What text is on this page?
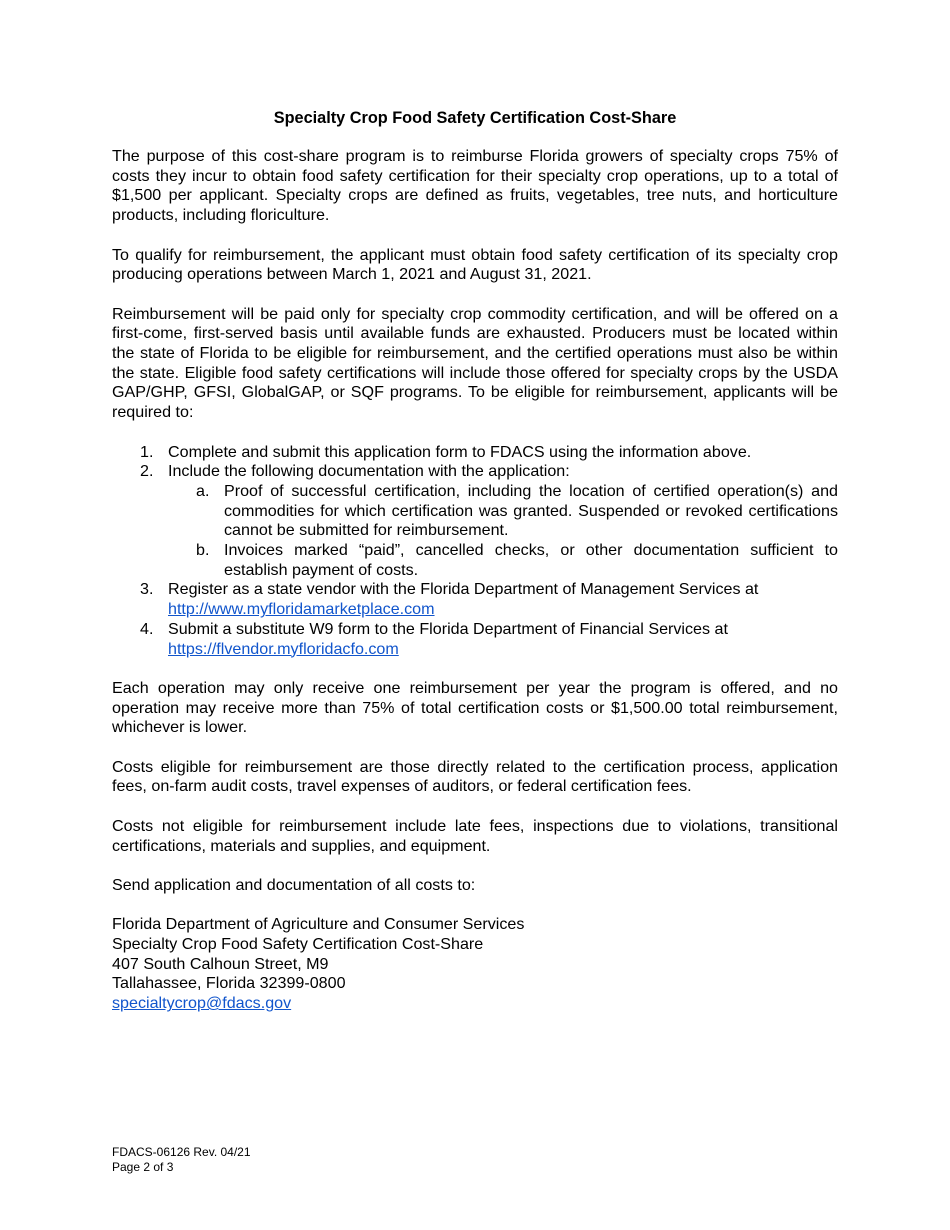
Specialty Crop Food Safety Certification Cost-Share

The purpose of this cost-share program is to reimburse Florida growers of specialty crops 75% of costs they incur to obtain food safety certification for their specialty crop operations, up to a total of $1,500 per applicant. Specialty crops are defined as fruits, vegetables, tree nuts, and horticulture products, including floriculture.

To qualify for reimbursement, the applicant must obtain food safety certification of its specialty crop producing operations between March 1, 2021 and August 31, 2021.

Reimbursement will be paid only for specialty crop commodity certification, and will be offered on a first-come, first-served basis until available funds are exhausted. Producers must be located within the state of Florida to be eligible for reimbursement, and the certified operations must also be within the state. Eligible food safety certifications will include those offered for specialty crops by the USDA GAP/GHP, GFSI, GlobalGAP, or SQF programs. To be eligible for reimbursement, applicants will be required to:

1. Complete and submit this application form to FDACS using the information above.
2. Include the following documentation with the application:
a. Proof of successful certification, including the location of certified operation(s) and commodities for which certification was granted. Suspended or revoked certifications cannot be submitted for reimbursement.
b. Invoices marked “paid”, cancelled checks, or other documentation sufficient to establish payment of costs.
3. Register as a state vendor with the Florida Department of Management Services at
http://www.myfloridamarketplace.com
4. Submit a substitute W9 form to the Florida Department of Financial Services at
https://flvendor.myfloridacfo.com

Each operation may only receive one reimbursement per year the program is offered, and no operation may receive more than 75% of total certification costs or $1,500.00 total reimbursement, whichever is lower.

Costs eligible for reimbursement are those directly related to the certification process, application fees, on-farm audit costs, travel expenses of auditors, or federal certification fees.

Costs not eligible for reimbursement include late fees, inspections due to violations, transitional certifications, materials and supplies, and equipment.

Send application and documentation of all costs to:

Florida Department of Agriculture and Consumer Services

Specialty Crop Food Safety Certification Cost-Share

407 South Calhoun Street, M9

Tallahassee, Florida 32399-0800

specialtycrop@fdacs.gov

FDACS-06126 Rev. 04/21
Page 2 of 3
